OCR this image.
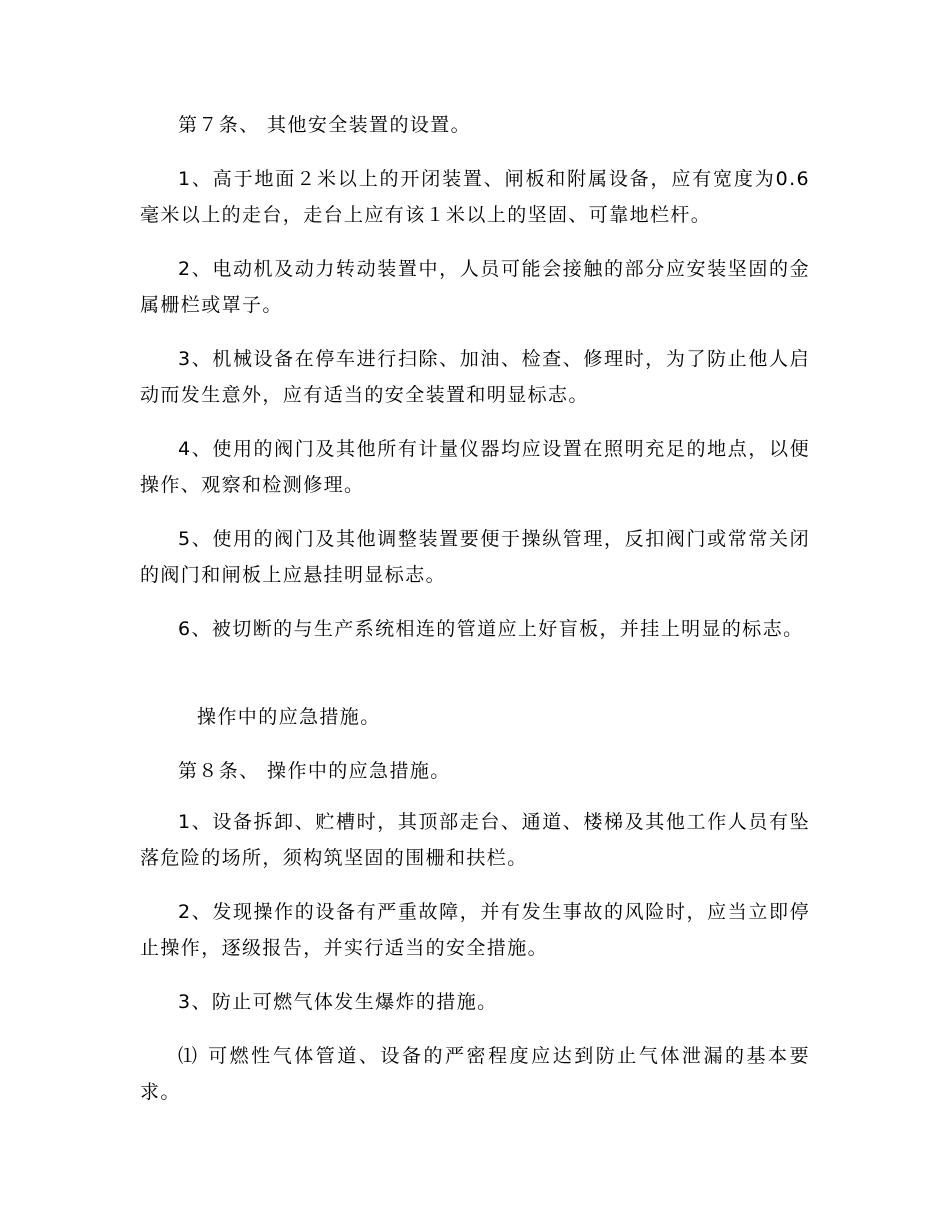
第７条、 其他安全装置的设置。

1、高于地面２米以上的开闭装置、闸板和附属设备，应有宽度为0.6毫米以上的走台，走台上应有该１米以上的坚固、可靠地栏杆。

2、电动机及动力转动装置中，人员可能会接触的部分应安装坚固的金属栅栏或罩子。

3、机械设备在停车进行扫除、加油、检查、修理时，为了防止他人启动而发生意外，应有适当的安全装置和明显标志。

4、使用的阀门及其他所有计量仪器均应设置在照明充足的地点，以便操作、观察和检测修理。

5、使用的阀门及其他调整装置要便于操纵管理，反扣阀门或常常关闭的阀门和闸板上应悬挂明显标志。

6、被切断的与生产系统相连的管道应上好盲板，并挂上明显的标志。

操作中的应急措施。

第８条、 操作中的应急措施。

1、设备拆卸、贮槽时，其顶部走台、通道、楼梯及其他工作人员有坠落危险的场所，须构筑坚固的围栅和扶栏。

2、发现操作的设备有严重故障，并有发生事故的风险时，应当立即停止操作，逐级报告，并实行适当的安全措施。

3、防止可燃气体发生爆炸的措施。

⑴ 可燃性气体管道、设备的严密程度应达到防止气体泄漏的基本要求。
